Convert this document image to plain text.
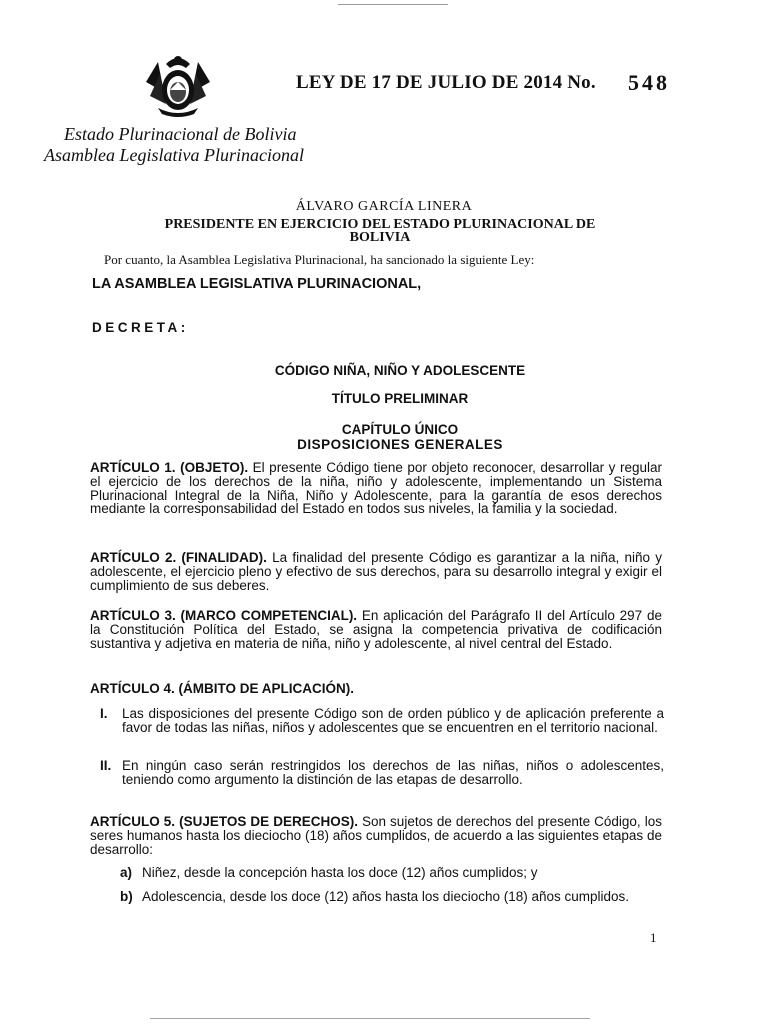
LEY DE 17 DE JULIO DE 2014 No. 548
Estado Plurinacional de Bolivia
Asamblea Legislativa Plurinacional
ÁLVARO GARCÍA LINERA
PRESIDENTE EN EJERCICIO DEL ESTADO PLURINACIONAL DE BOLIVIA
Por cuanto, la Asamblea Legislativa Plurinacional, ha sancionado la siguiente Ley:
LA ASAMBLEA LEGISLATIVA PLURINACIONAL,
DECRETA:
CÓDIGO NIÑA, NIÑO Y ADOLESCENTE
TÍTULO PRELIMINAR
CAPÍTULO ÚNICO
DISPOSICIONES GENERALES
ARTÍCULO 1. (OBJETO). El presente Código tiene por objeto reconocer, desarrollar y regular el ejercicio de los derechos de la niña, niño y adolescente, implementando un Sistema Plurinacional Integral de la Niña, Niño y Adolescente, para la garantía de esos derechos mediante la corresponsabilidad del Estado en todos sus niveles, la familia y la sociedad.
ARTÍCULO 2. (FINALIDAD). La finalidad del presente Código es garantizar a la niña, niño y adolescente, el ejercicio pleno y efectivo de sus derechos, para su desarrollo integral y exigir el cumplimiento de sus deberes.
ARTÍCULO 3. (MARCO COMPETENCIAL). En aplicación del Parágrafo II del Artículo 297 de la Constitución Política del Estado, se asigna la competencia privativa de codificación sustantiva y adjetiva en materia de niña, niño y adolescente, al nivel central del Estado.
ARTÍCULO 4. (ÁMBITO DE APLICACIÓN).
I. Las disposiciones del presente Código son de orden público y de aplicación preferente a favor de todas las niñas, niños y adolescentes que se encuentren en el territorio nacional.
II. En ningún caso serán restringidos los derechos de las niñas, niños o adolescentes, teniendo como argumento la distinción de las etapas de desarrollo.
ARTÍCULO 5. (SUJETOS DE DERECHOS). Son sujetos de derechos del presente Código, los seres humanos hasta los dieciocho (18) años cumplidos, de acuerdo a las siguientes etapas de desarrollo:
a) Niñez, desde la concepción hasta los doce (12) años cumplidos; y
b) Adolescencia, desde los doce (12) años hasta los dieciocho (18) años cumplidos.
1
